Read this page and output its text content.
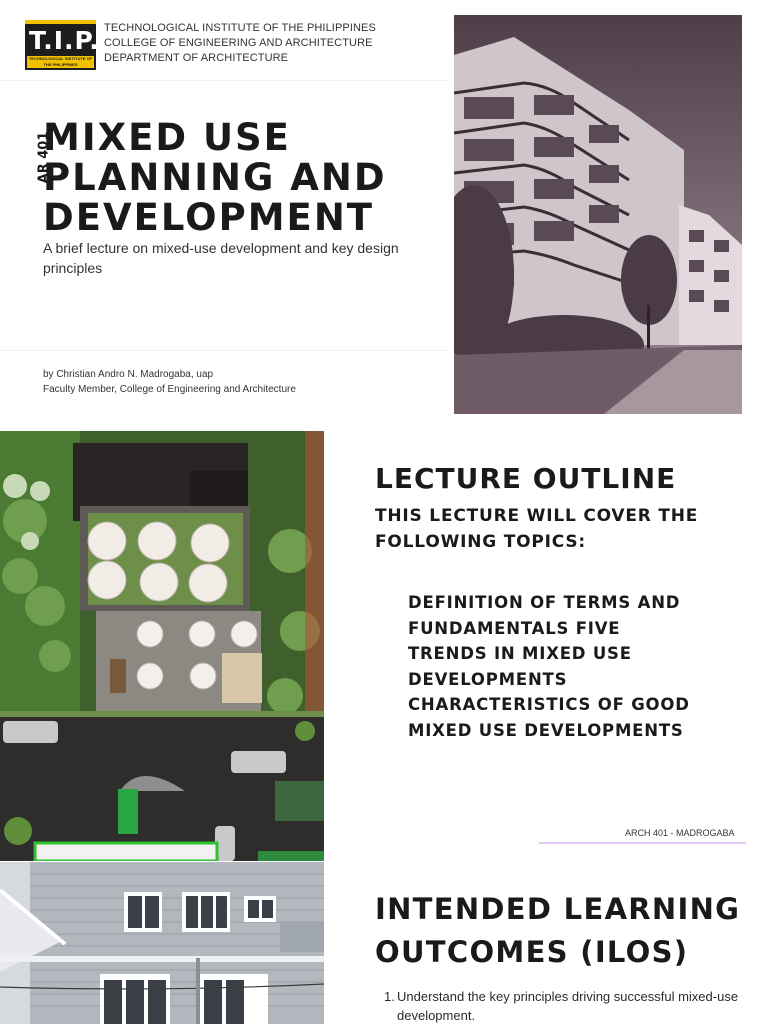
T.I.P.
TECHNOLOGICAL INSTITUTE OF THE PHILIPPINES
TECHNOLOGICAL INSTITUTE OF THE PHILIPPINES
COLLEGE OF ENGINEERING AND ARCHITECTURE
DEPARTMENT OF ARCHITECTURE
AR 401
MIXED USE
PLANNING AND
DEVELOPMENT
A brief lecture on mixed-use development and key design principles
by Christian Andro N. Madrogaba, uap
Faculty Member, College of Engineering and Architecture
LECTURE OUTLINE
THIS LECTURE WILL COVER THE FOLLOWING TOPICS:
DEFINITION OF TERMS AND
FUNDAMENTALS FIVE
TRENDS IN MIXED USE
DEVELOPMENTS
CHARACTERISTICS OF GOOD
MIXED USE DEVELOPMENTS
ARCH 401 - MADROGABA
INTENDED LEARNING
OUTCOMES (ILOS)
1. Understand the key principles driving successful mixed-use development.
